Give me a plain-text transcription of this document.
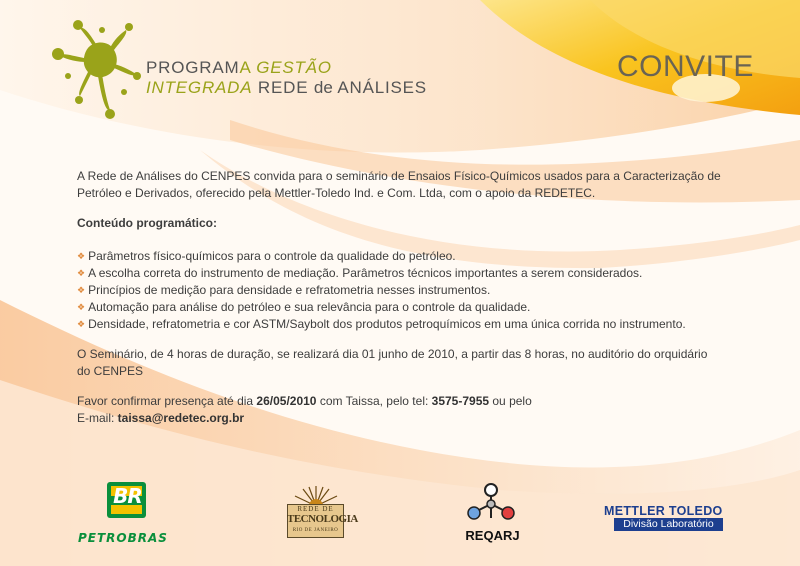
PROGRAMA GESTÃO
INTEGRADA REDE de ANÁLISES
CONVITE

A Rede de Análises do CENPES convida para o seminário de Ensaios Físico-Químicos usados para a Caracterização de
Petróleo e Derivados, oferecido pela Mettler-Toledo Ind. e Com. Ltda, com o apoio da REDETEC.

Conteúdo programático:

❖ Parâmetros físico-químicos para o controle da qualidade do petróleo.
❖ A escolha correta do instrumento de mediação. Parâmetros técnicos importantes a serem considerados.
❖ Princípios de medição para densidade e refratometria nesses instrumentos.
❖ Automação para análise do petróleo e sua relevância para o controle da qualidade.
❖ Densidade, refratometria e cor ASTM/Saybolt dos produtos petroquímicos em uma única corrida no instrumento.

O Seminário, de 4 horas de duração, se realizará dia 01 junho de 2010, a partir das 8 horas, no auditório do orquidário
do CENPES

Favor confirmar presença até dia 26/05/2010 com Taissa, pelo tel: 3575-7955 ou pelo
E-mail: taissa@redetec.org.br

BR
PETROBRAS
REDE DE
TECNOLOGIA
RIO DE JANEIRO	REQARJ
METTLER TOLEDO
Divisão Laboratório
